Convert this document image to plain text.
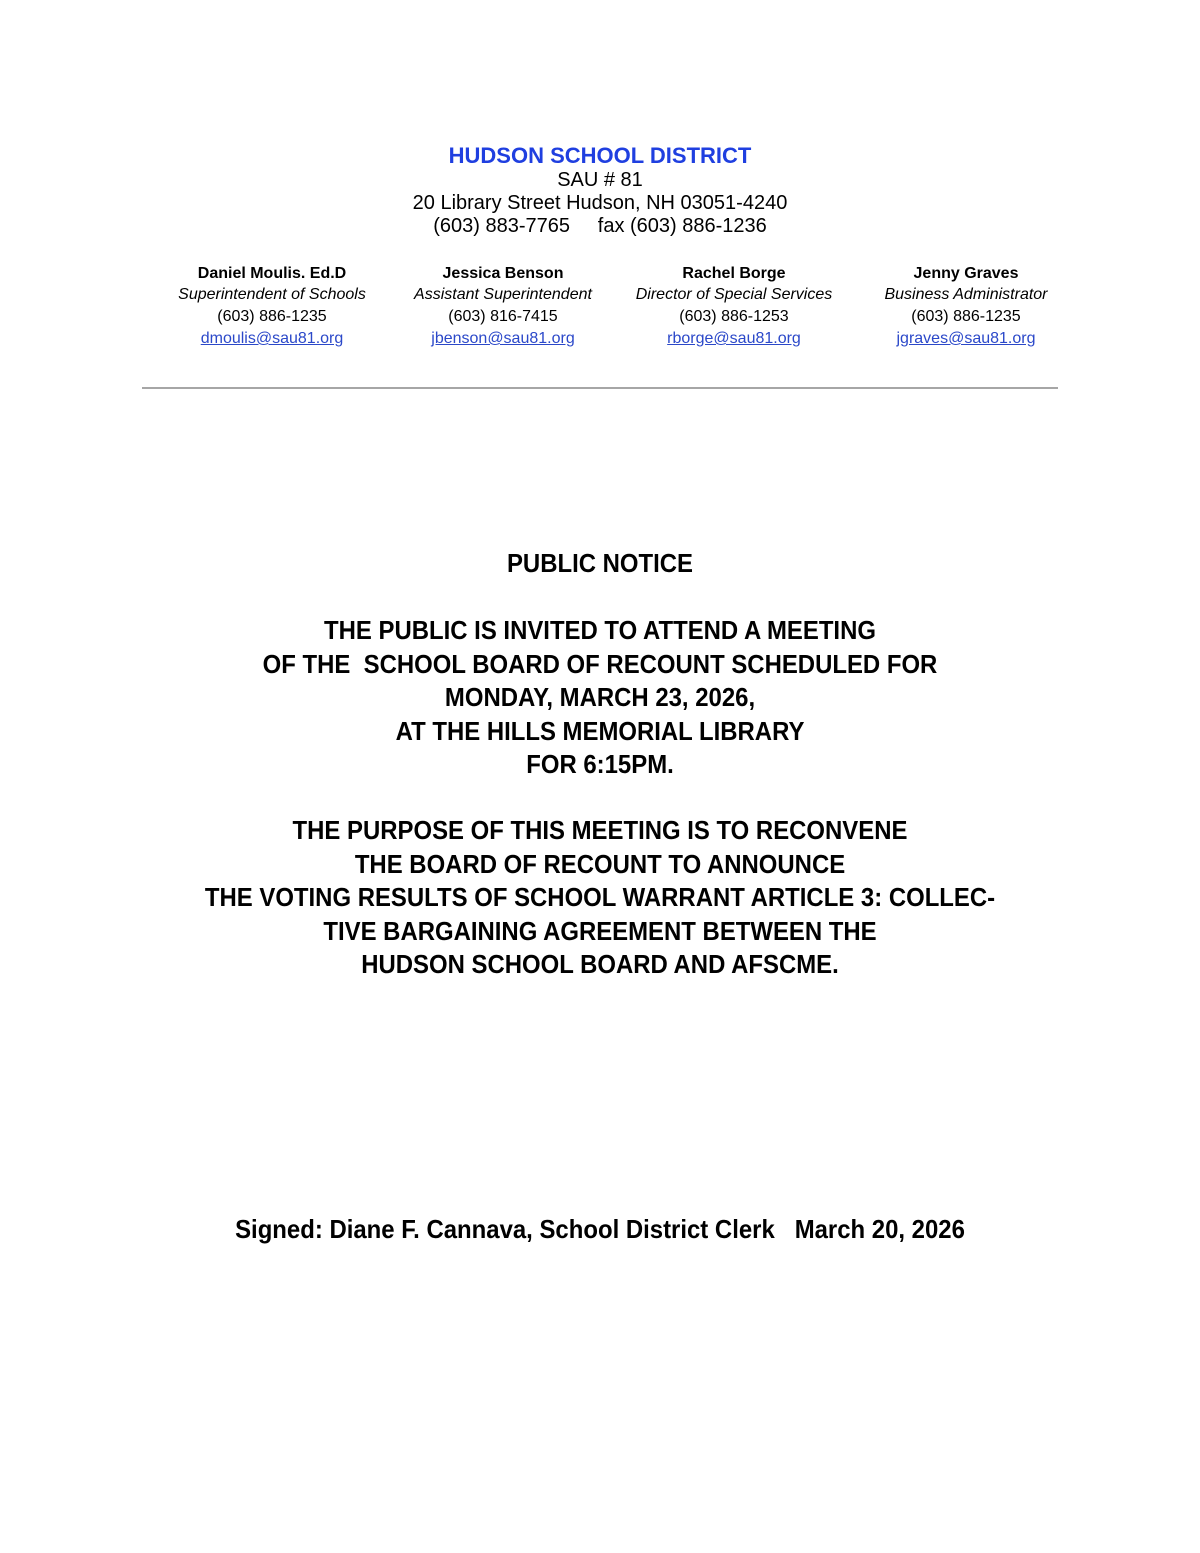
HUDSON SCHOOL DISTRICT
SAU # 81
20 Library Street Hudson, NH 03051-4240
(603) 883-7765     fax (603) 886-1236
Daniel Moulis. Ed.D
Superintendent of Schools
(603) 886-1235
dmoulis@sau81.org
Jessica Benson
Assistant Superintendent
(603) 816-7415
jbenson@sau81.org
Rachel Borge
Director of Special Services
(603) 886-1253
rborge@sau81.org
Jenny Graves
Business Administrator
(603) 886-1235
jgraves@sau81.org
PUBLIC NOTICE
THE PUBLIC IS INVITED TO ATTEND A MEETING
OF THE  SCHOOL BOARD OF RECOUNT SCHEDULED FOR
MONDAY, MARCH 23, 2026,
AT THE HILLS MEMORIAL LIBRARY
FOR 6:15PM.
THE PURPOSE OF THIS MEETING IS TO RECONVENE
THE BOARD OF RECOUNT TO ANNOUNCE
THE VOTING RESULTS OF SCHOOL WARRANT ARTICLE 3: COLLEC-
TIVE BARGAINING AGREEMENT BETWEEN THE
HUDSON SCHOOL BOARD AND AFSCME.
Signed: Diane F. Cannava, School District Clerk   March 20, 2026
